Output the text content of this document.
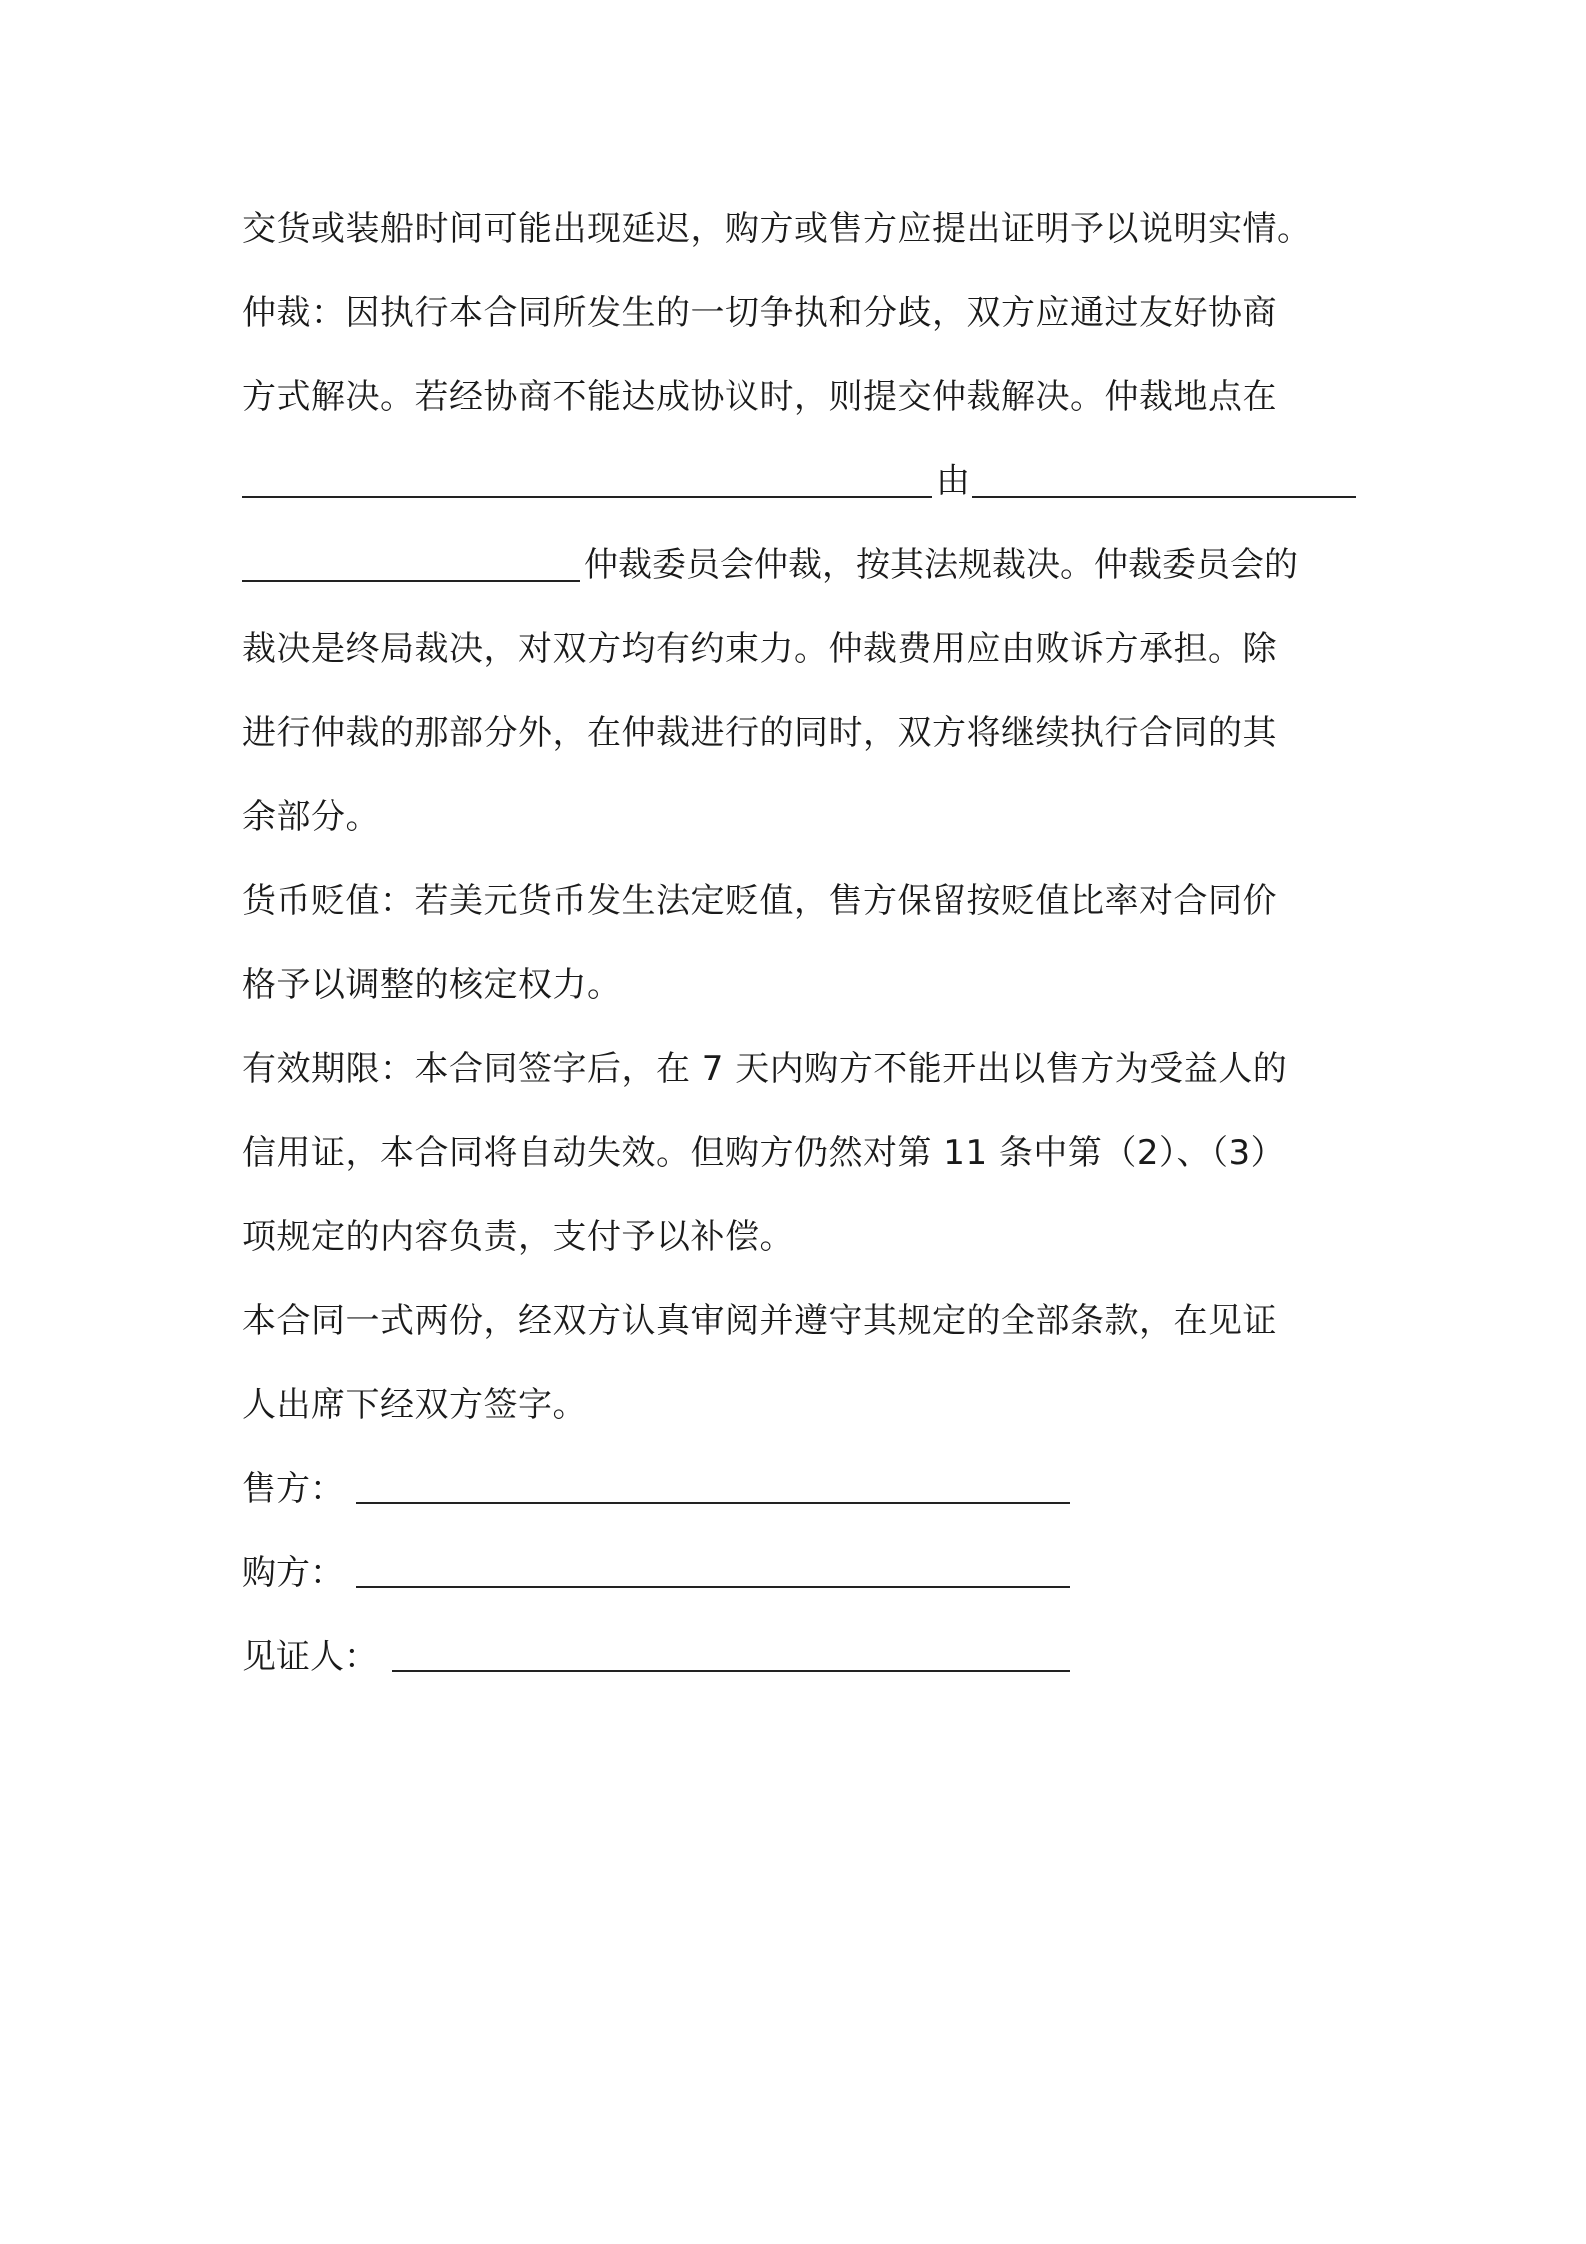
交货或装船时间可能出现延迟，购方或售方应提出证明予以说明实情。
仲裁：因执行本合同所发生的一切争执和分歧，双方应通过友好协商
方式解决。若经协商不能达成协议时，则提交仲裁解决。仲裁地点在
由
仲裁委员会仲裁，按其法规裁决。仲裁委员会的
裁决是终局裁决，对双方均有约束力。仲裁费用应由败诉方承担。除
进行仲裁的那部分外，在仲裁进行的同时，双方将继续执行合同的其
余部分。
货币贬值：若美元货币发生法定贬值，售方保留按贬值比率对合同价
格予以调整的核定权力。
有效期限：本合同签字后，在 7 天内购方不能开出以售方为受益人的
信用证，本合同将自动失效。但购方仍然对第 11 条中第（2）、（3）
项规定的内容负责，支付予以补偿。
本合同一式两份，经双方认真审阅并遵守其规定的全部条款，在见证
人出席下经双方签字。
售方：
购方：
见证人：
